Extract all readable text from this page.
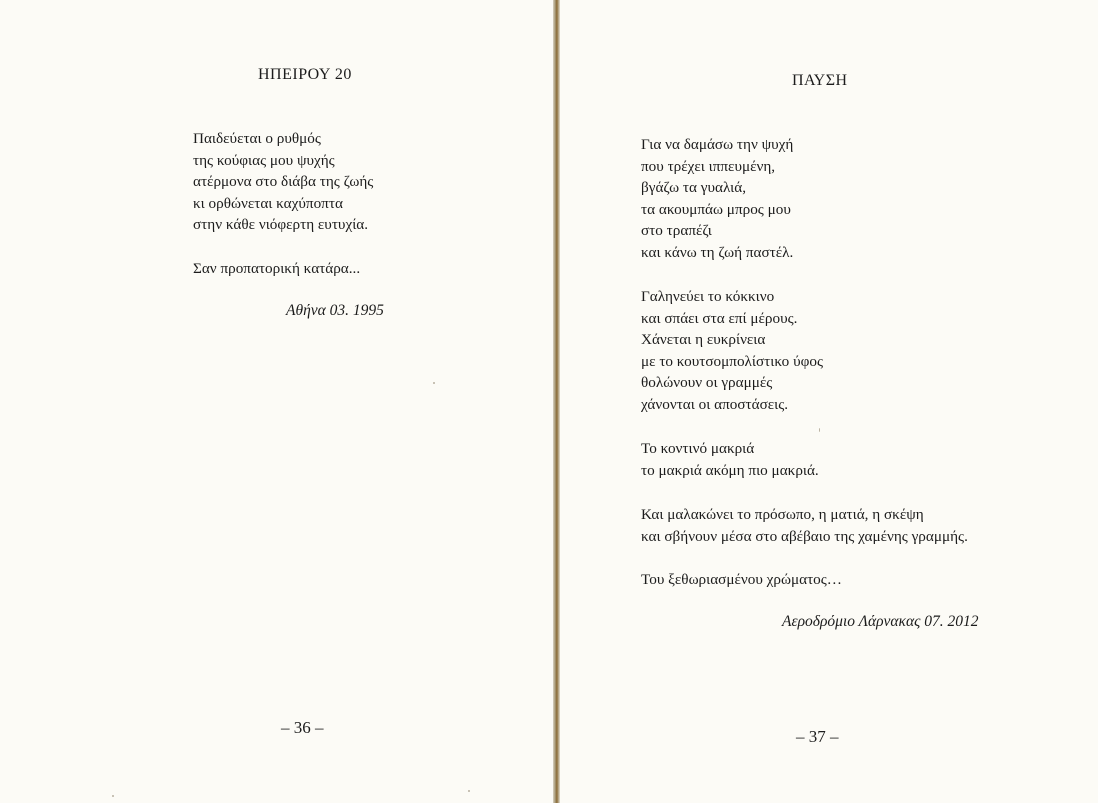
ΗΠΕΙΡΟΥ 20
Παιδεύεται ο ρυθμός
της κούφιας μου ψυχής
ατέρμονα στο διάβα της ζωής
κι ορθώνεται καχύποπτα
στην κάθε νιόφερτη ευτυχία.
Σαν προπατορική κατάρα...
Αθήνα 03. 1995
– 36 –
ΠΑΥΣΗ
Για να δαμάσω την ψυχή
που τρέχει ιππευμένη,
βγάζω τα γυαλιά,
τα ακουμπάω μπρος μου
στο τραπέζι
και κάνω τη ζωή παστέλ.
Γαληνεύει το κόκκινο
και σπάει στα επί μέρους.
Χάνεται η ευκρίνεια
με το κουτσομπολίστικο ύφος
θολώνουν οι γραμμές
χάνονται οι αποστάσεις.
Το κοντινό μακριά
το μακριά ακόμη πιο μακριά.
Και μαλακώνει το πρόσωπο, η ματιά, η σκέψη
και σβήνουν μέσα στο αβέβαιο της χαμένης γραμμής.
Του ξεθωριασμένου χρώματος…
Αεροδρόμιο Λάρνακας 07. 2012
– 37 –
